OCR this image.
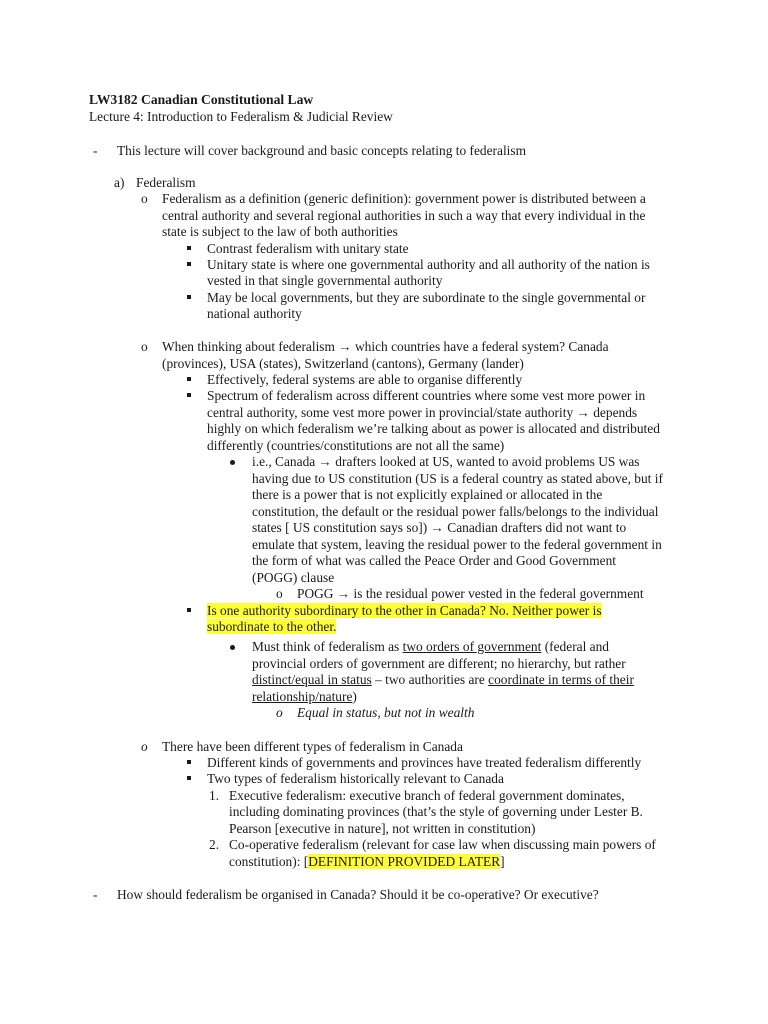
LW3182 Canadian Constitutional Law
Lecture 4: Introduction to Federalism & Judicial Review
- This lecture will cover background and basic concepts relating to federalism
a) Federalism
o Federalism as a definition (generic definition): government power is distributed between a
central authority and several regional authorities in such a way that every individual in the
state is subject to the law of both authorities
Contrast federalism with unitary state
Unitary state is where one governmental authority and all authority of the nation is
vested in that single governmental authority
May be local governments, but they are subordinate to the single governmental or
national authority
o When thinking about federalism → which countries have a federal system? Canada
(provinces), USA (states), Switzerland (cantons), Germany (lander)
Effectively, federal systems are able to organise differently
Spectrum of federalism across different countries where some vest more power in
central authority, some vest more power in provincial/state authority → depends
highly on which federalism we’re talking about as power is allocated and distributed
differently (countries/constitutions are not all the same)
i.e., Canada → drafters looked at US, wanted to avoid problems US was
having due to US constitution (US is a federal country as stated above, but if
there is a power that is not explicitly explained or allocated in the
constitution, the default or the residual power falls/belongs to the individual
states [ US constitution says so]) → Canadian drafters did not want to
emulate that system, leaving the residual power to the federal government in
the form of what was called the Peace Order and Good Government
(POGG) clause
o POGG → is the residual power vested in the federal government
Is one authority subordinary to the other in Canada? No. Neither power is
subordinate to the other.
Must think of federalism as two orders of government (federal and
provincial orders of government are different; no hierarchy, but rather
distinct/equal in status – two authorities are coordinate in terms of their
relationship/nature)
o Equal in status, but not in wealth
o There have been different types of federalism in Canada
Different kinds of governments and provinces have treated federalism differently
Two types of federalism historically relevant to Canada
1. Executive federalism: executive branch of federal government dominates,
including dominating provinces (that’s the style of governing under Lester B.
Pearson [executive in nature], not written in constitution)
2. Co-operative federalism (relevant for case law when discussing main powers of
constitution): [DEFINITION PROVIDED LATER]
- How should federalism be organised in Canada? Should it be co-operative? Or executive?
